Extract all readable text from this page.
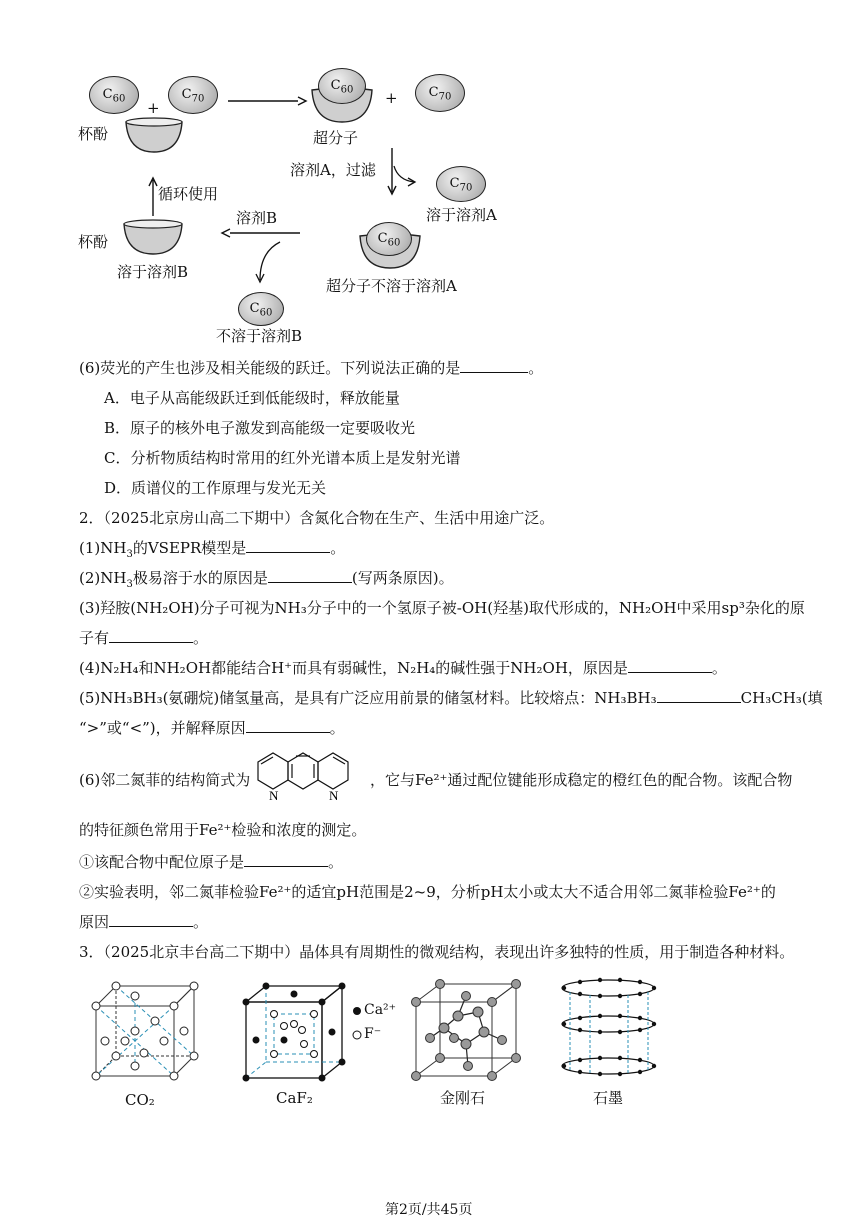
$C_{60}$	+
$C_{70}$
杯酚
$C_{60}$	+	$C_{70}$
超分子
溶剂A，过滤
$C_{70}$
溶于溶剂A
$C_{60}$
超分子不溶于溶剂A
溶剂B
杯酚
溶于溶剂B
循环使用
$C_{60}$
不溶于溶剂B
(6)荧光的产生也涉及相关能级的跃迁。下列说法正确的是	。
A．电子从高能级跃迁到低能级时，释放能量
B．原子的核外电子激发到高能级一定要吸收光
C．分析物质结构时常用的红外光谱本质上是发射光谱
D．质谱仪的工作原理与发光无关
2．（2025北京房山高二下期中）含氮化合物在生产、生活中用途广泛。
$(1)NH_3$的VSEPR模型是	。
$(2)NH_3$极易溶于水的原因是	(写两条原因)。
(3)羟胺(NH₂OH)分子可视为NH₃分子中的一个氢原子被-OH(羟基)取代形成的，NH₂OH中采用sp³杂化的原
子有	。
(4)N₂H₄和NH₂OH都能结合H⁺而具有弱碱性，N₂H₄的碱性强于NH₂OH，原因是	。
(5)NH₃BH₃(氨硼烷)储氢量高，是具有广泛应用前景的储氢材料。比较熔点：NH₃BH₃	CH₃CH₃(填
“>”或“<”)，并解释原因	。
(6)邻二氮菲的结构简式为
N	N
，它与Fe²⁺通过配位键能形成稳定的橙红色的配合物。该配合物
的特征颜色常用于Fe²⁺检验和浓度的测定。
①该配合物中配位原子是	。
②实验表明，邻二氮菲检验Fe²⁺的适宜pH范围是2~9，分析pH太小或太大不适合用邻二氮菲检验Fe²⁺的
原因	。
3．（2025北京丰台高二下期中）晶体具有周期性的微观结构，表现出许多独特的性质，用于制造各种材料。
CO₂
Ca²⁺
F⁻
CaF₂	金刚石	石墨
第2页/共45页
